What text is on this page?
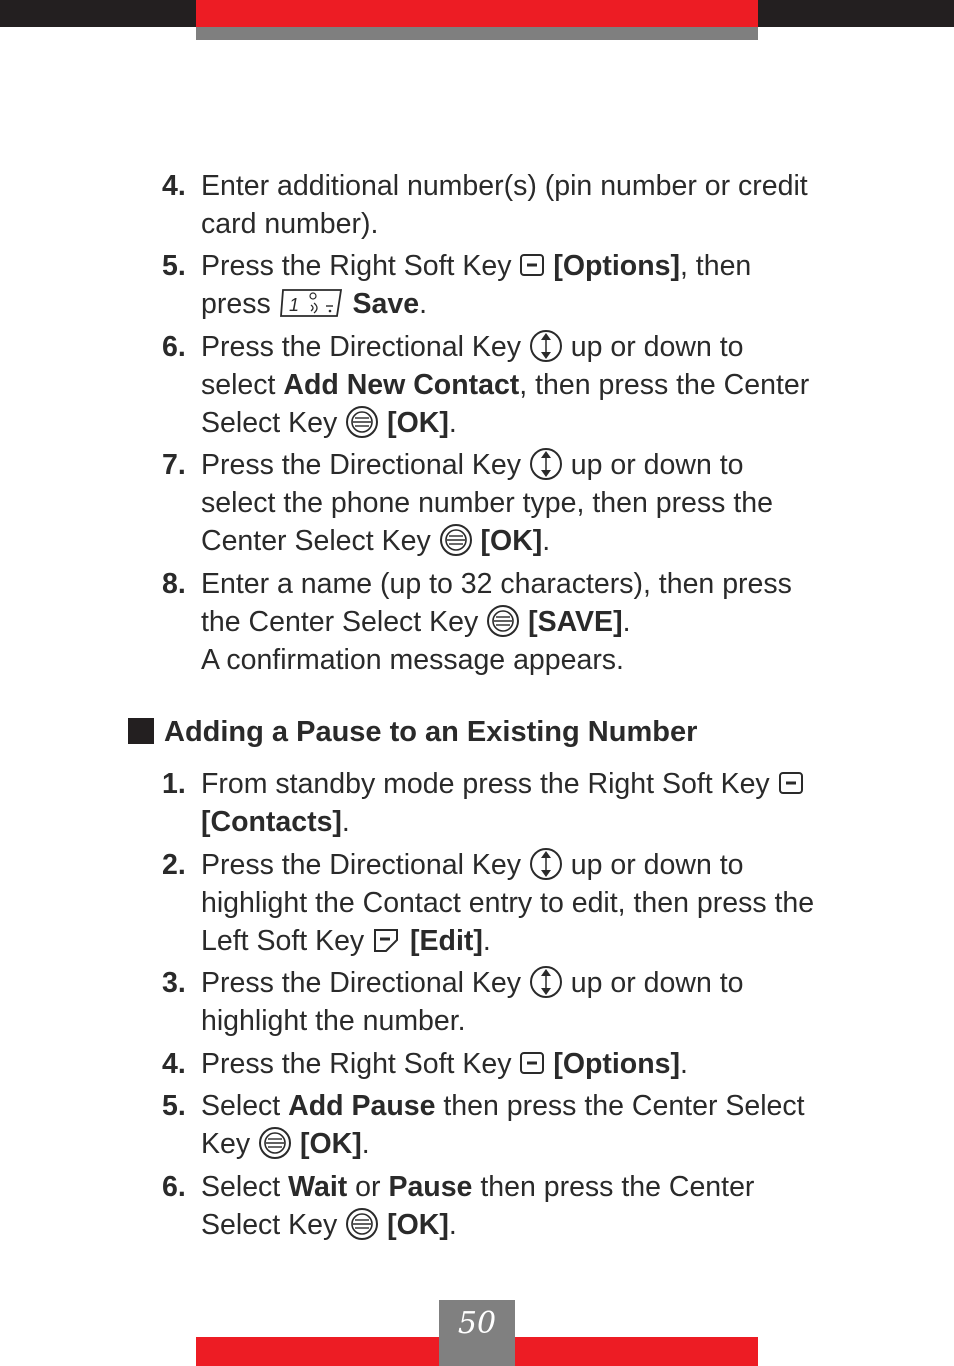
4. Enter additional number(s) (pin number or credit
card number).
5. Press the Right Soft Key
[Options], then
press 1 Save.
6. Press the Directional Key
up or down to
select Add New Contact, then press the Center
Select Key
[OK].
7. Press the Directional Key
up or down to
select the phone number type, then press the
Center Select Key
[OK].
8. Enter a name (up to 32 characters), then press
the Center Select Key
[SAVE].
A confirmation message appears.
Adding a Pause to an Existing Number
1. From standby mode press the Right Soft Key
[Contacts].
2. Press the Directional Key
up or down to
highlight the Contact entry to edit, then press the
Left Soft Key
[Edit].
3. Press the Directional Key
up or down to
highlight the number.
4. Press the Right Soft Key
[Options].
5. Select Add Pause then press the Center Select
Key
[OK].
6. Select Wait or Pause then press the Center
Select Key
[OK].
50
